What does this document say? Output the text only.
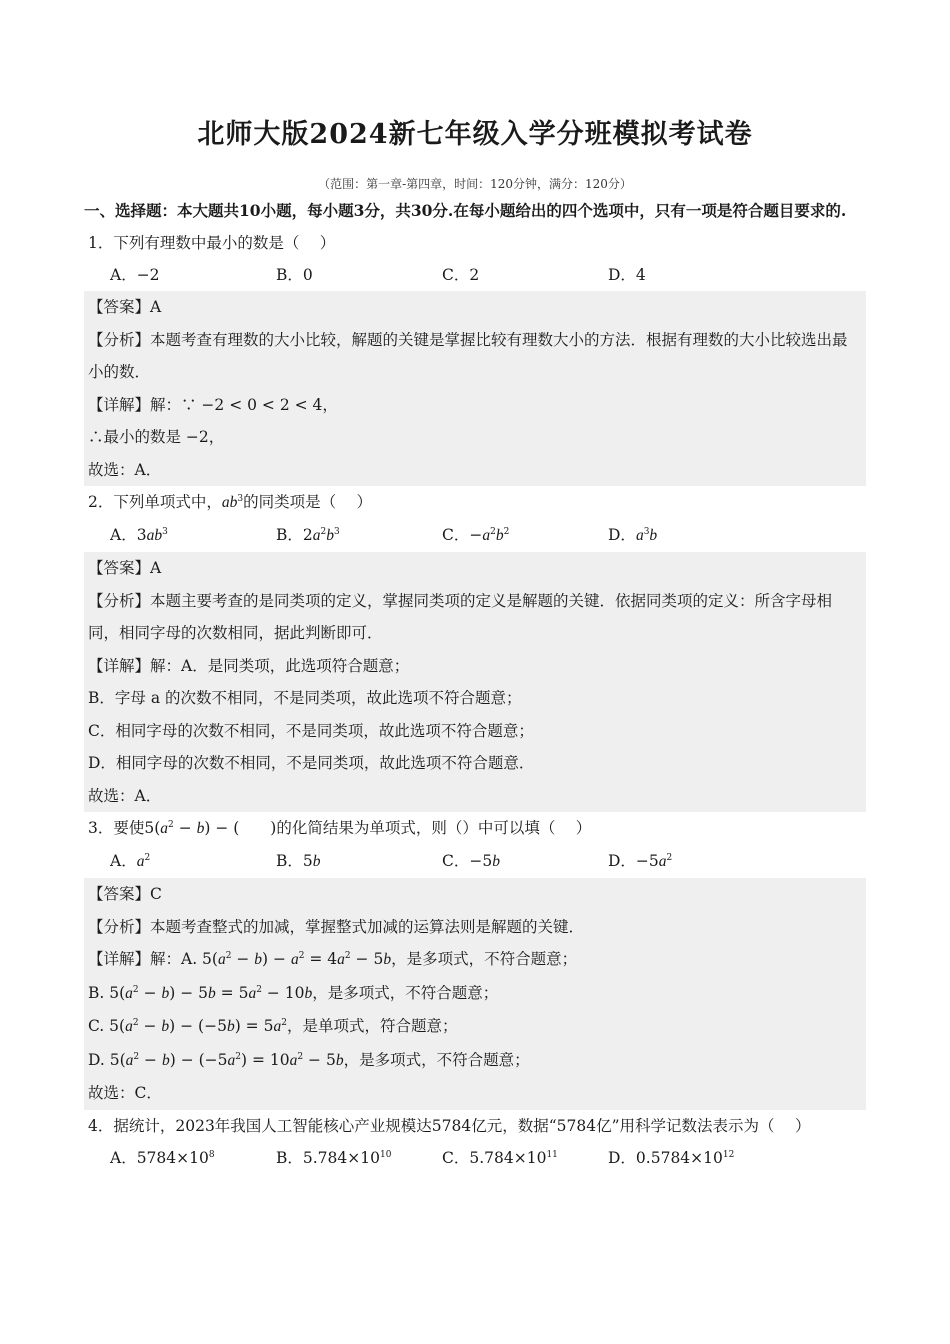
北师大版2024新七年级入学分班模拟考试卷
（范围：第一章-第四章，时间：120分钟，满分：120分）

一、选择题：本大题共10小题，每小题3分，共30分.在每小题给出的四个选项中，只有一项是符合题目要求的.

1．下列有理数中最小的数是（　 ）

A．−2	B．0	C．2	D．4

【答案】A

【分析】本题考查有理数的大小比较，解题的关键是掌握比较有理数大小的方法．根据有理数的大小比较选出最小的数．

【详解】解：∵ −2 < 0 < 2 < 4，

∴最小的数是 −2，

故选：A．

2．下列单项式中，$ab^3$的同类项是（　 ）

A．$3ab^3$	B．$2a^2b^3$	C．$-a^2b^2$	D．$a^3b$

【答案】A

【分析】本题主要考查的是同类项的定义，掌握同类项的定义是解题的关键．依据同类项的定义：所含字母相同，相同字母的次数相同，据此判断即可．

【详解】解：A．是同类项，此选项符合题意；

B．字母 a 的次数不相同，不是同类项，故此选项不符合题意；

C．相同字母的次数不相同，不是同类项，故此选项不符合题意；

D．相同字母的次数不相同，不是同类项，故此选项不符合题意．

故选：A．

3．要使$5(a^2 - b)$ − (　　)的化简结果为单项式，则（）中可以填（　 ）

A．$a^2$	B．5b	C．−5b	D．$-5a^2$

【答案】C

【分析】本题考查整式的加减，掌握整式加减的运算法则是解题的关键．

【详解】解：A. $5(a^2 - b) - a^2 = 4a^2 - 5b$，是多项式，不符合题意；

B. $5(a^2 - b) - 5b = 5a^2 - 10b$，是多项式，不符合题意；

C. $5(a^2 - b) - (-5b) = 5a^2$，是单项式，符合题意；

D. $5(a^2 - b) - (-5a^2) = 10a^2 - 5b$，是多项式，不符合题意；

故选：C．

4．据统计，2023年我国人工智能核心产业规模达5784亿元，数据“5784亿”用科学记数法表示为（　 ）

A．$5784\times 10^8$	B．$5.784\times 10^{10}$	C．$5.784\times 10^{11}$	D．$0.5784\times 10^{12}$
